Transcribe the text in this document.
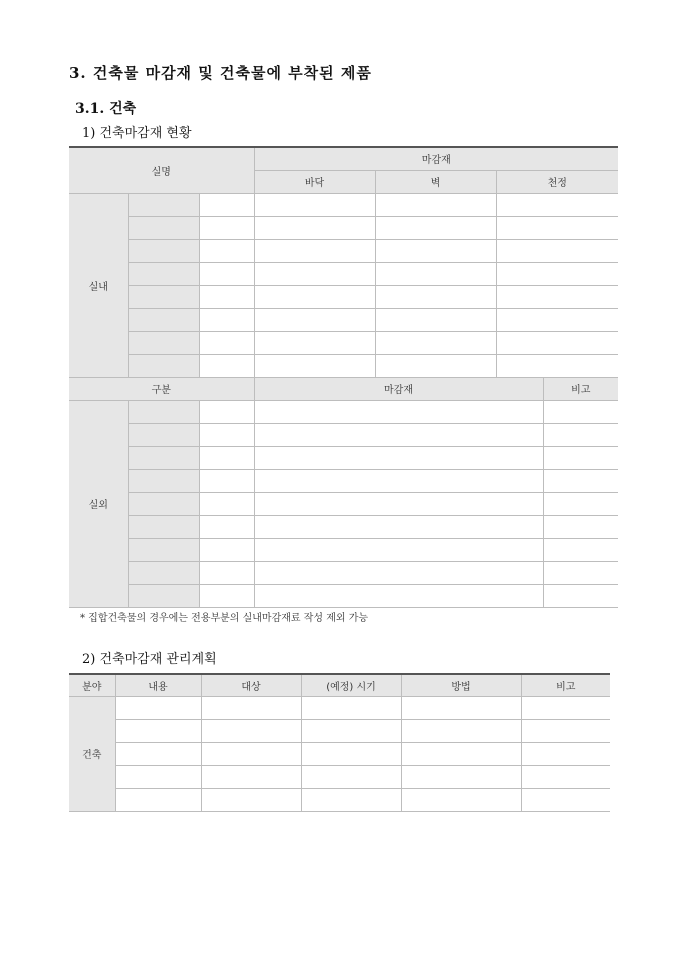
3. 건축물 마감재 및 건축물에 부착된 제품
3.1. 건축
1) 건축마감재 현황
실명			마감재			
			바닥	벽	천정	
실내						

구분			마감재			비고
실외						

* 집합건축물의 경우에는 전용부분의 실내마감재료 작성 제외 가능
2) 건축마감재 관리계획
분야	내용	대상	(예정) 시기	방법	비고
건축					
